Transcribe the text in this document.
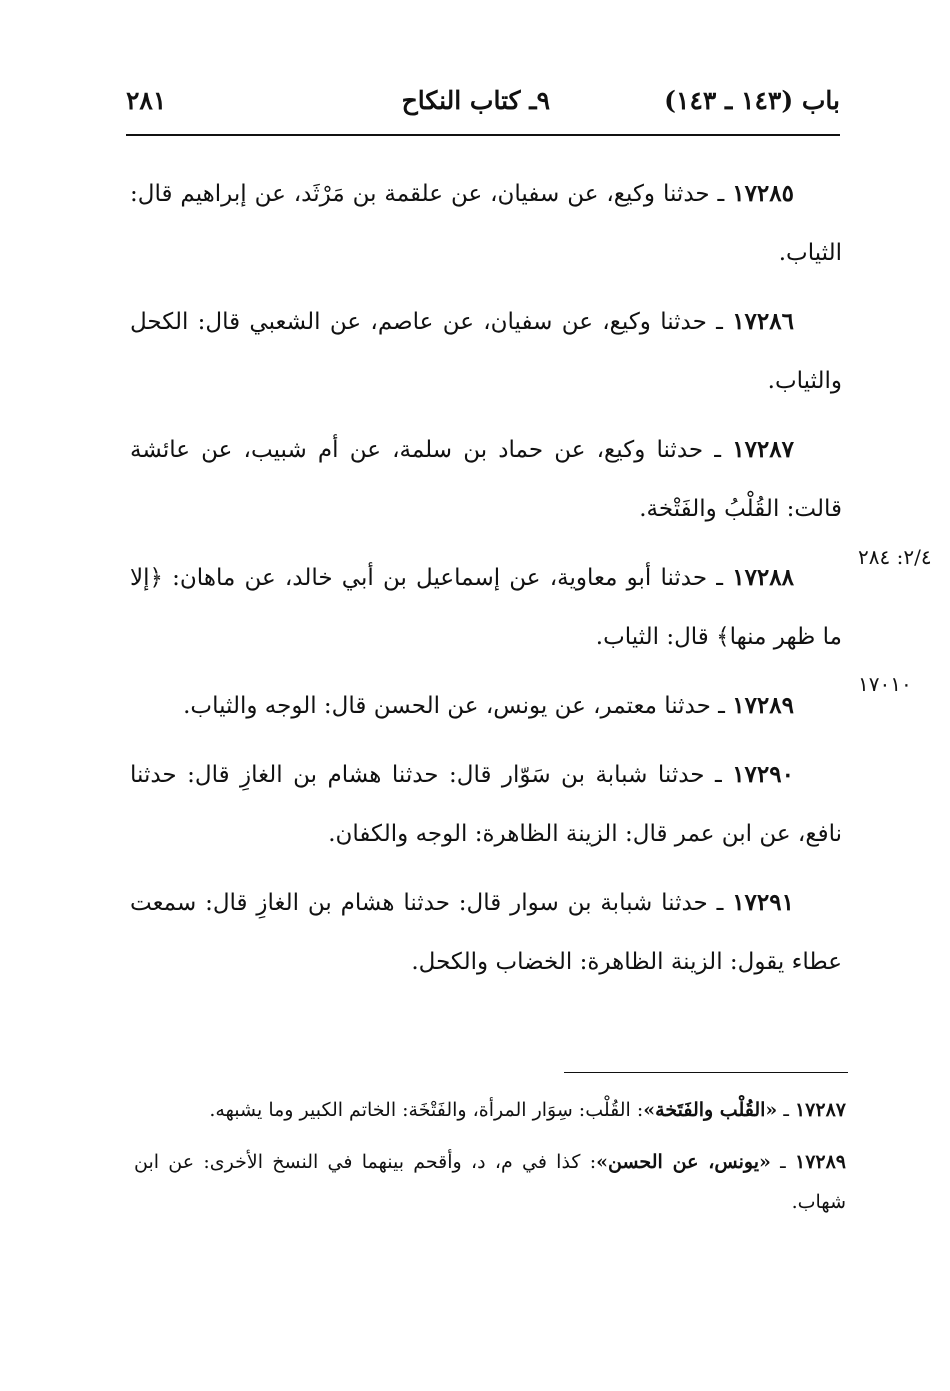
باب (١٤٣ ـ ١٤٣)
٩ـ كتاب النكاح
٢٨١
٢/٤: ٢٨٤
١٧٠١٠
١٧٢٨٥ ـ حدثنا وكيع، عن سفيان، عن علقمة بن مَرْثَد، عن إبراهيم قال: الثياب.
١٧٢٨٦ ـ حدثنا وكيع، عن سفيان، عن عاصم، عن الشعبي قال: الكحل والثياب.
١٧٢٨٧ ـ حدثنا وكيع، عن حماد بن سلمة، عن أم شبيب، عن عائشة قالت: القُلْبُ والفَتْخة.
١٧٢٨٨ ـ حدثنا أبو معاوية، عن إسماعيل بن أبي خالد، عن ماهان: ﴿إلا ما ظهر منها﴾ قال: الثياب.
١٧٢٨٩ ـ حدثنا معتمر، عن يونس، عن الحسن قال: الوجه والثياب.
١٧٢٩٠ ـ حدثنا شبابة بن سَوّار قال: حدثنا هشام بن الغازِ قال: حدثنا نافع، عن ابن عمر قال: الزينة الظاهرة: الوجه والكفان.
١٧٢٩١ ـ حدثنا شبابة بن سوار قال: حدثنا هشام بن الغازِ قال: سمعت عطاء يقول: الزينة الظاهرة: الخضاب والكحل.
١٧٢٨٧ ـ «القُلْب والفَتَخة»: القُلْب: سِوَار المرأة، والفَتْخَة: الخاتم الكبير وما يشبهه.
١٧٢٨٩ ـ «يونس، عن الحسن»: كذا في م، د، وأقحم بينهما في النسخ الأخرى: عن ابن شهاب.
